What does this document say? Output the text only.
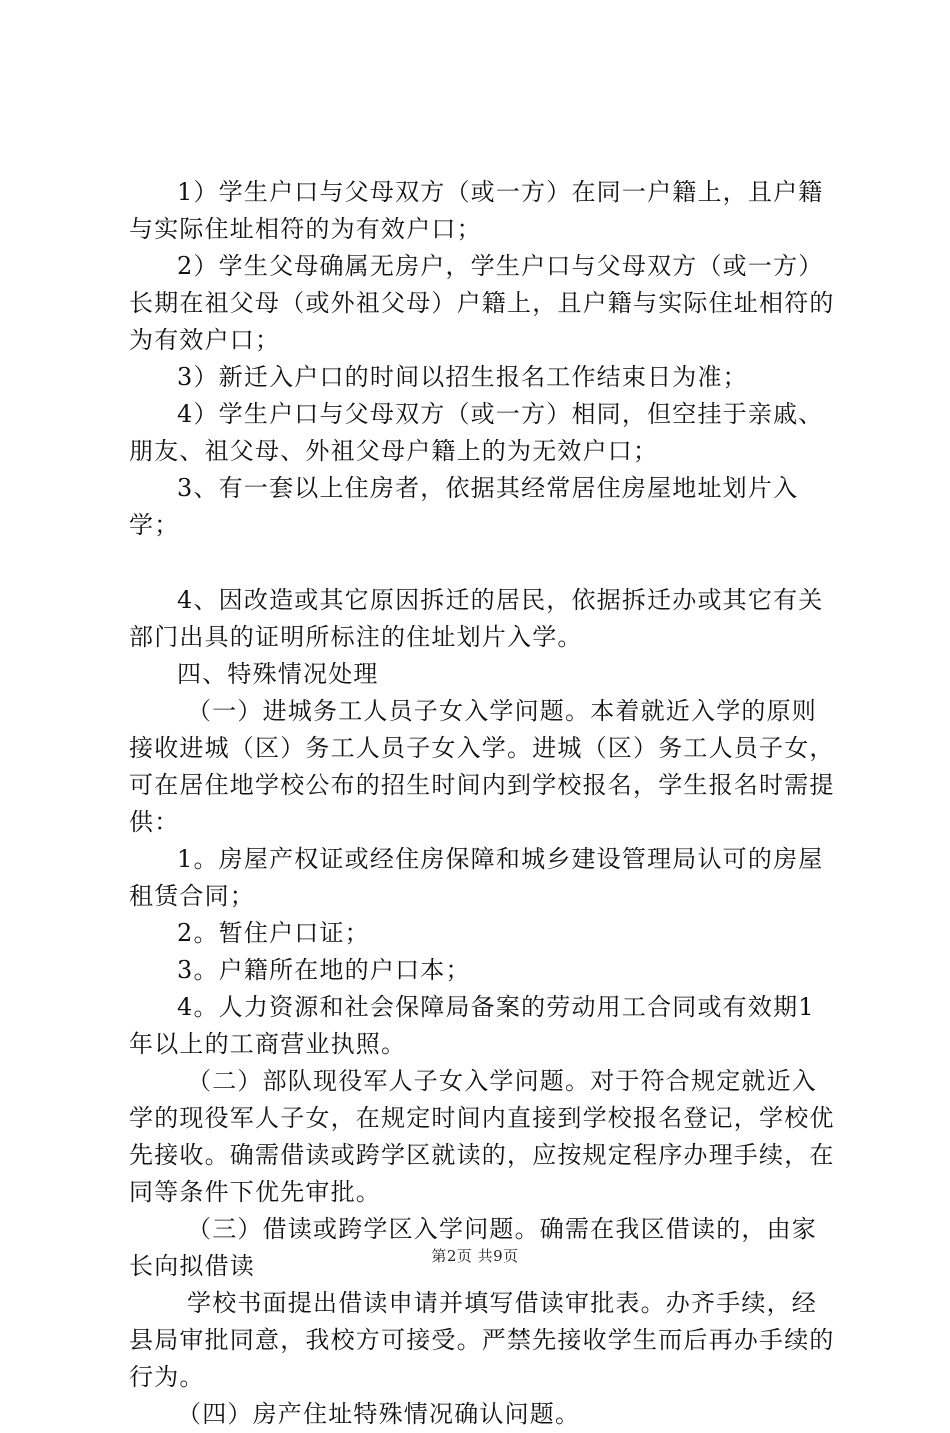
1）学生户口与父母双方（或一方）在同一户籍上，且户籍与实际住址相符的为有效户口；

2）学生父母确属无房户，学生户口与父母双方（或一方）长期在祖父母（或外祖父母）户籍上，且户籍与实际住址相符的为有效户口；

3）新迁入户口的时间以招生报名工作结束日为准；

4）学生户口与父母双方（或一方）相同，但空挂于亲戚、朋友、祖父母、外祖父母户籍上的为无效户口；

3、有一套以上住房者，依据其经常居住房屋地址划片入学；

4、因改造或其它原因拆迁的居民，依据拆迁办或其它有关部门出具的证明所标注的住址划片入学。

四、特殊情况处理

（一）进城务工人员子女入学问题。本着就近入学的原则接收进城（区）务工人员子女入学。进城（区）务工人员子女，可在居住地学校公布的招生时间内到学校报名，学生报名时需提供：

1。房屋产权证或经住房保障和城乡建设管理局认可的房屋租赁合同；

2。暂住户口证；

3。户籍所在地的户口本；

4。人力资源和社会保障局备案的劳动用工合同或有效期1年以上的工商营业执照。

（二）部队现役军人子女入学问题。对于符合规定就近入学的现役军人子女，在规定时间内直接到学校报名登记，学校优先接收。确需借读或跨学区就读的，应按规定程序办理手续，在同等条件下优先审批。

（三）借读或跨学区入学问题。确需在我区借读的，由家长向拟借读

学校书面提出借读申请并填写借读审批表。办齐手续，经县局审批同意，我校方可接受。严禁先接收学生而后再办手续的行为。

（四）房产住址特殊情况确认问题。

第2页 共9页
